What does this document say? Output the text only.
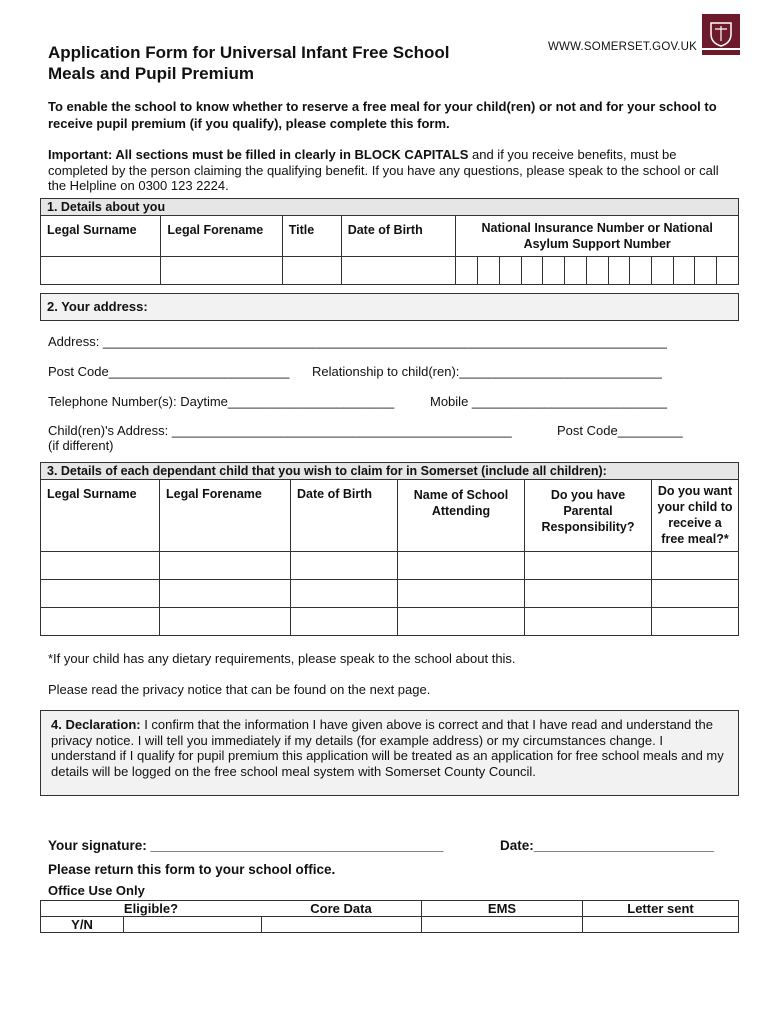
Application Form for Universal Infant Free School
Meals and Pupil Premium
WWW.SOMERSET.GOV.UK
To enable the school to know whether to reserve a free meal for your child(ren) or not and for your school to receive pupil premium (if you qualify), please complete this form.
Important: All sections must be filled in clearly in BLOCK CAPITALS and if you receive benefits, must be completed by the person claiming the qualifying benefit. If you have any questions, please speak to the school or call the Helpline on 0300 123 2224.
1. Details about you																
Legal Surname	Legal Forename	Title	Date of Birth	National Insurance Number or National Asylum Support Number												

2. Your address:
Address: ______________________________________________________________________________
Post Code_________________________ Relationship to child(ren):____________________________
Telephone Number(s): Daytime_______________________	Mobile ___________________________
Child(ren)'s Address: _______________________________________________	Post Code_________
(if different)
3. Details of each dependant child that you wish to claim for in Somerset (include all children):					
Legal Surname	Legal Forename	Date of Birth	Name of School Attending	Do you have Parental Responsibility?	Do you want your child to receive a free meal?*

*If your child has any dietary requirements, please speak to the school about this.
Please read the privacy notice that can be found on the next page.
4. Declaration: I confirm that the information I have given above is correct and that I have read and understand the privacy notice. I will tell you immediately if my details (for example address) or my circumstances change. I understand if I qualify for pupil premium this application will be treated as an application for free school meals and my details will be logged on the free school meal system with Somerset County Council.
Your signature: _______________________________________	Date:________________________
Please return this form to your school office.
Office Use Only
Eligible?	Core Data	EMS	Letter sent

Y/N			
